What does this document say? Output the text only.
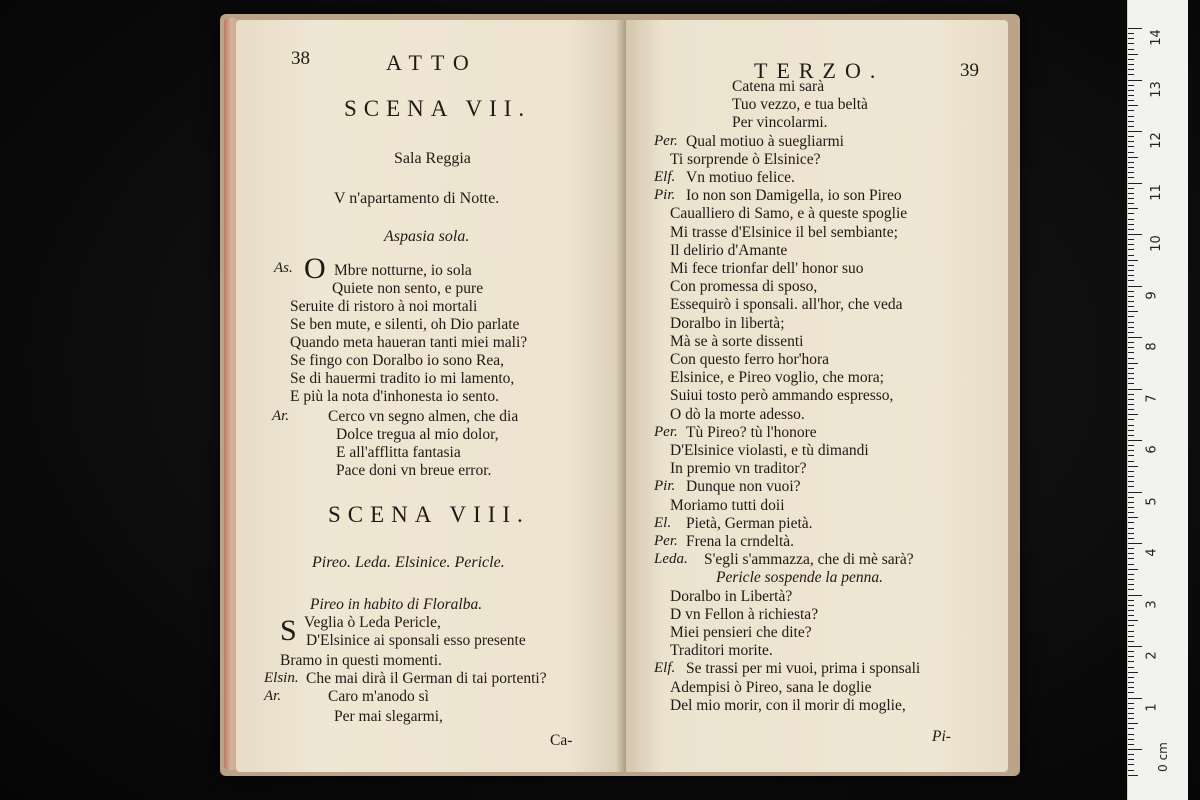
38	ATTO
SCENA VII.
Sala Reggia
V n'apartamento di Notte.
Aspasia sola.
As. O Mbre notturne, io sola
Quiete non sento, e pure
Seruite di ristoro à noi mortali
Se ben mute, e silenti, oh Dio parlate
Quando meta haueran tanti miei mali?
Se fingo con Doralbo io sono Rea,
Se di hauermi tradito io mi lamento,
E più la nota d'inhonesta io sento.
Ar.	Cerco vn segno almen, che dia
Dolce tregua al mio dolor,
E all'afflitta fantasia
Pace doni vn breue error.
SCENA VIII.
Pireo. Leda. Elsinice. Pericle.
Pireo in habito di Floralba.
S Veglia ò Leda Pericle,
D'Elsinice ai sponsali esso presente
Bramo in questi momenti.
Elsin. Che mai dirà il German di tai portenti?
Ar.	Caro m'anodo sì
Per mai slegarmi,
Ca-
TERZO.	39
Catena mi sarà
Tuo vezzo, e tua beltà
Per vincolarmi.
Per. Qual motiuo à suegliarmi
Ti sorprende ò Elsinice?
Elf. Vn motiuo felice.
Pir. Io non son Damigella, io son Pireo
Caualliero di Samo, e à queste spoglie
Mi trasse d'Elsinice il bel sembiante;
Il delirio d'Amante
Mi fece trionfar dell' honor suo
Con promessa di sposo,
Essequirò i sponsali. all'hor, che veda
Doralbo in libertà;
Mà se à sorte dissenti
Con questo ferro hor'hora
Elsinice, e Pireo voglio, che mora;
Suiui tosto però ammando espresso,
O dò la morte adesso.
Per. Tù Pireo? tù l'honore
D'Elsinice violasti, e tù dimandi
In premio vn traditor?
Pir. Dunque non vuoi?
Moriamo tutti doii
El. Pietà, German pietà.
Per. Frena la crndeltà.
Leda. S'egli s'ammazza, che di mè sarà?
Pericle sospende la penna.
Doralbo in Libertà?
D vn Fellon à richiesta?
Miei pensieri che dite?
Traditori morite.
Elf. Se trassi per mi vuoi, prima i sponsali
Adempisi ò Pireo, sana le doglie
Del mio morir, con il morir di moglie,
Pi-
14
13
12
11
10
9
8
7
6
5
4
3
2
1
0 cm
